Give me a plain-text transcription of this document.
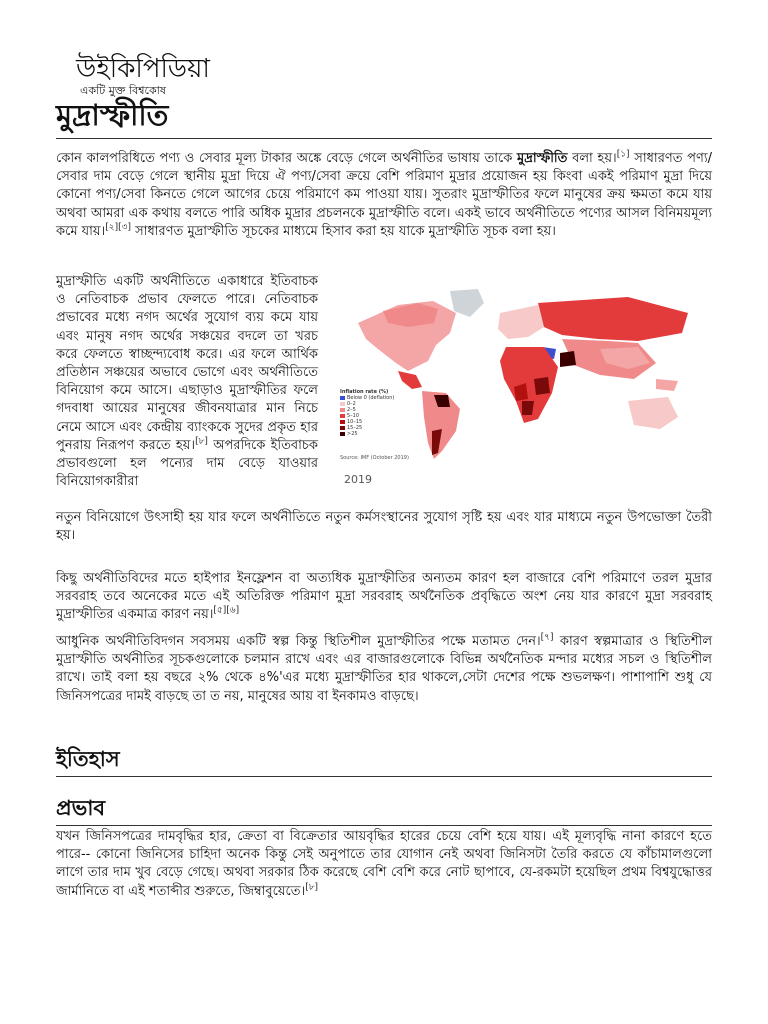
উইকিপিডিয়া
একটি মুক্ত বিশ্বকোষ
মুদ্রাস্ফীতি
কোন কালপরিধিতে পণ্য ও সেবার মূল্য টাকার অঙ্কে বেড়ে গেলে অর্থনীতির ভাষায় তাকে মুদ্রাস্ফীতি বলা হয়।[১] সাধারণত পণ্য/সেবার দাম বেড়ে গেলে স্থানীয় মুদ্রা দিয়ে ঐ পণ্য/সেবা ক্রয়ে বেশি পরিমাণ মুদ্রার প্রয়োজন হয় কিংবা একই পরিমাণ মুদ্রা দিয়ে কোনো পণ্য/সেবা কিনতে গেলে আগের চেয়ে পরিমাণে কম পাওয়া যায়। সুতরাং মুদ্রাস্ফীতির ফলে মানুষের ক্রয় ক্ষমতা কমে যায় অথবা আমরা এক কথায় বলতে পারি অধিক মুদ্রার প্রচলনকে মুদ্রাস্ফীতি বলে। একই ভাবে অর্থনীতিতে পণ্যের আসল বিনিময়মূল্য কমে যায়।[২][৩] সাধারণত মুদ্রাস্ফীতি সূচকের মাধ্যমে হিসাব করা হয় যাকে মুদ্রাস্ফীতি সূচক বলা হয়।
মুদ্রাস্ফীতি একটি অর্থনীতিতে একাধারে ইতিবাচক ও নেতিবাচক প্রভাব ফেলতে পারে। নেতিবাচক প্রভাবের মধ্যে নগদ অর্থের সুযোগ ব্যয় কমে যায় এবং মানুষ নগদ অর্থের সঞ্চয়ের বদলে তা খরচ করে ফেলতে স্বাচ্ছন্দ্যবোধ করে। এর ফলে আর্থিক প্রতিষ্ঠান সঞ্চয়ের অভাবে ভোগে এবং অর্থনীতিতে বিনিয়োগ কমে আসে। এছাড়াও মুদ্রাস্ফীতির ফলে গদবাধা আয়ের মানুষের জীবনযাত্রার মান নিচে নেমে আসে এবং কেন্দ্রীয় ব্যাংককে সুদের প্রকৃত হার পুনরায় নিরূপণ করতে হয়।[৮] অপরদিকে ইতিবাচক প্রভাবগুলো হল পন্যের দাম বেড়ে যাওয়ার বিনিয়োগকারীরা
Inflation rate (%)
Below 0 (deflation)
0–2
2–5
5–10
10–15
15–25
>25
Source: IMF (October 2019)
2019
নতুন বিনিয়োগে উৎসাহী হয় যার ফলে অর্থনীতিতে নতুন কর্মসংস্থানের সুযোগ সৃষ্টি হয় এবং যার মাধ্যমে নতুন উপভোক্তা তৈরী হয়।
কিছু অর্থনীতিবিদের মতে হাইপার ইনফ্লেশন বা অত্যধিক মুদ্রাস্ফীতির অন্যতম কারণ হল বাজারে বেশি পরিমাণে তরল মুদ্রার সরবরাহ তবে অনেকের মতে এই অতিরিক্ত পরিমাণ মুদ্রা সরবরাহ অর্থনৈতিক প্রবৃদ্ধিতে অংশ নেয় যার কারণে মুদ্রা সরবরাহ মুদ্রাস্ফীতির একমাত্র কারণ নয়।[৫][৬]
আধুনিক অর্থনীতিবিদগন সবসময় একটি স্বল্প কিন্তু স্থিতিশীল মুদ্রাস্ফীতির পক্ষে মতামত দেন।[৭] কারণ স্বল্পমাত্রার ও স্থিতিশীল মুদ্রাস্ফীতি অর্থনীতির সূচকগুলোকে চলমান রাখে এবং এর বাজারগুলোকে বিভিন্ন অর্থনৈতিক মন্দার মধ্যের সচল ও স্থিতিশীল রাখে। তাই বলা হয় বছরে ২% থেকে ৪%'এর মধ্যে মুদ্রাস্ফীতির হার থাকলে,সেটা দেশের পক্ষে শুভলক্ষণ। পাশাপাশি শুধু যে জিনিসপত্রের দামই বাড়ছে তা ত নয়, মানুষের আয় বা ইনকামও বাড়ছে।
ইতিহাস
প্রভাব
যখন জিনিসপত্রের দামবৃদ্ধির হার, ক্রেতা বা বিক্রেতার আয়বৃদ্ধির হারের চেয়ে বেশি হয়ে যায়। এই মূল্যবৃদ্ধি নানা কারণে হতে পারে-- কোনো জিনিসের চাহিদা অনেক কিন্তু সেই অনুপাতে তার যোগান নেই অথবা জিনিসটা তৈরি করতে যে কাঁচামালগুলো লাগে তার দাম খুব বেড়ে গেছে। অথবা সরকার ঠিক করেছে বেশি বেশি করে নোট ছাপাবে, যে-রকমটা হয়েছিল প্রথম বিশ্বযুদ্ধোত্তর জার্মানিতে বা এই শতাব্দীর শুরুতে, জিম্বাবুয়েতে।[৮]
